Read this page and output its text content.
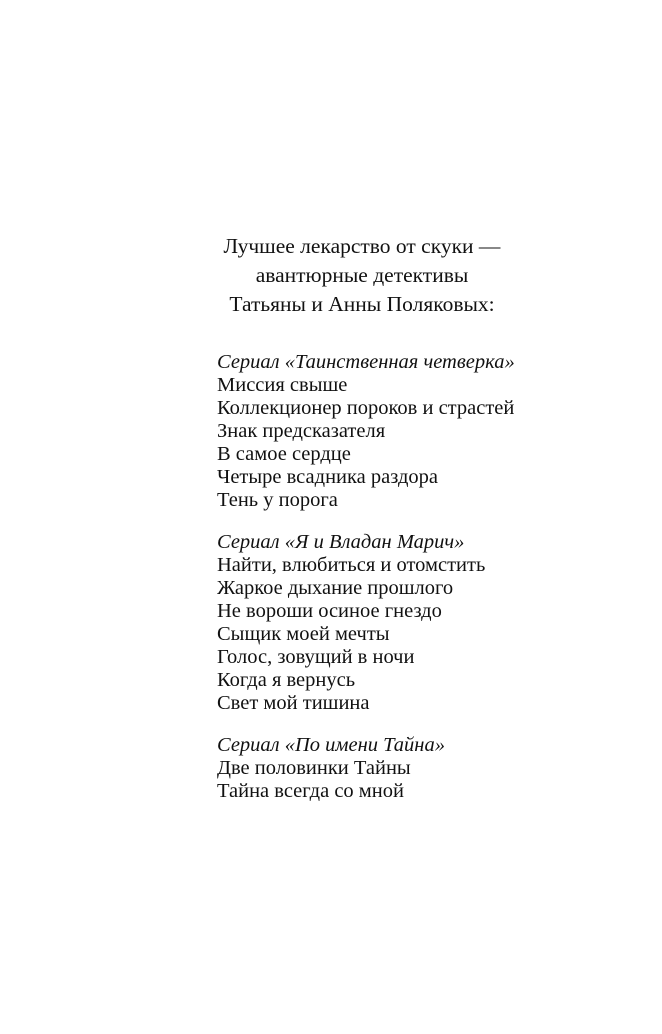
Лучшее лекарство от скуки —
авантюрные детективы
Татьяны и Анны Поляковых:
Сериал «Таинственная четверка»
Миссия свыше
Коллекционер пороков и страстей
Знак предсказателя
В самое сердце
Четыре всадника раздора
Тень у порога
Сериал «Я и Владан Марич»
Найти, влюбиться и отомстить
Жаркое дыхание прошлого
Не вороши осиное гнездо
Сыщик моей мечты
Голос, зовущий в ночи
Когда я вернусь
Свет мой тишина
Сериал «По имени Тайна»
Две половинки Тайны
Тайна всегда со мной
